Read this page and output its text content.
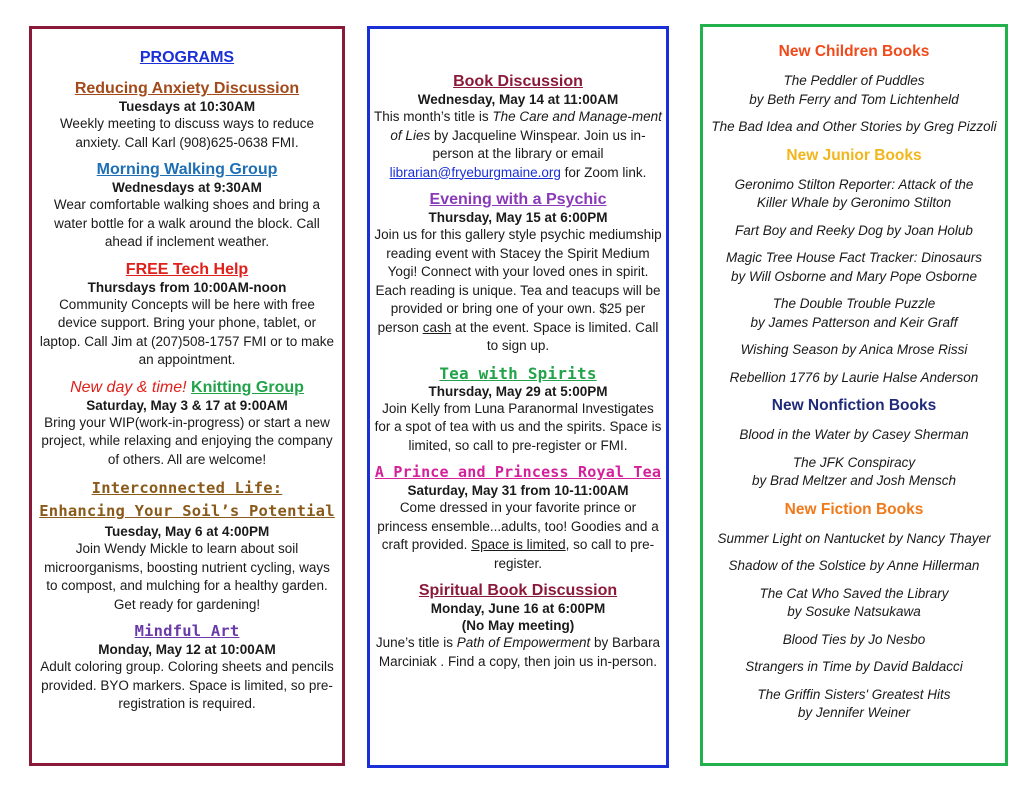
PROGRAMS

Reducing Anxiety Discussion

Tuesdays at 10:30AM

Weekly meeting to discuss ways to reduce anxiety. Call Karl (908)625-0638 FMI.

Morning Walking Group

Wednesdays at 9:30AM

Wear comfortable walking shoes and bring a water bottle for a walk around the block. Call ahead if inclement weather.

FREE Tech Help

Thursdays from 10:00AM-noon

Community Concepts will be here with free device support. Bring your phone, tablet, or laptop. Call Jim at (207)508-1757 FMI or to make an appointment.

New day & time! Knitting Group

Saturday, May 3 & 17 at 9:00AM

Bring your WIP(work-in-progress) or start a new project, while relaxing and enjoying the company of others. All are welcome!

Interconnected Life:

Enhancing Your Soil’s Potential

Tuesday, May 6 at 4:00PM

Join Wendy Mickle to learn about soil microorganisms, boosting nutrient cycling, ways to compost, and mulching for a healthy garden. Get ready for gardening!

Mindful Art

Monday, May 12 at 10:00AM

Adult coloring group. Coloring sheets and pencils provided. BYO markers. Space is limited, so pre-registration is required.

Book Discussion

Wednesday, May 14 at 11:00AM

This month’s title is The Care and Manage-ment of Lies by Jacqueline Winspear. Join us in-person at the library or email librarian@fryeburgmaine.org for Zoom link.

Evening with a Psychic

Thursday, May 15 at 6:00PM

Join us for this gallery style psychic mediumship reading event with Stacey the Spirit Medium Yogi! Connect with your loved ones in spirit. Each reading is unique. Tea and teacups will be provided or bring one of your own. $25 per person cash at the event. Space is limited. Call to sign up.

Tea with Spirits

Thursday, May 29 at 5:00PM

Join Kelly from Luna Paranormal Investigates for a spot of tea with us and the spirits. Space is limited, so call to pre-register or FMI.

A Prince and Princess Royal Tea

Saturday, May 31 from 10-11:00AM

Come dressed in your favorite prince or princess ensemble...adults, too! Goodies and a craft provided. Space is limited, so call to pre-register.

Spiritual Book Discussion

Monday, June 16 at 6:00PM

(No May meeting)

June’s title is Path of Empowerment by Barbara Marciniak . Find a copy, then join us in-person.

New Children Books

The Peddler of Puddles

by Beth Ferry and Tom Lichtenheld

The Bad Idea and Other Stories by Greg Pizzoli

New Junior Books

Geronimo Stilton Reporter: Attack of the

Killer Whale by Geronimo Stilton

Fart Boy and Reeky Dog by Joan Holub

Magic Tree House Fact Tracker: Dinosaurs

by Will Osborne and Mary Pope Osborne

The Double Trouble Puzzle

by James Patterson and Keir Graff

Wishing Season by Anica Mrose Rissi

Rebellion 1776 by Laurie Halse Anderson

New Nonfiction Books

Blood in the Water by Casey Sherman

The JFK Conspiracy

by Brad Meltzer and Josh Mensch

New Fiction Books

Summer Light on Nantucket by Nancy Thayer

Shadow of the Solstice by Anne Hillerman

The Cat Who Saved the Library

by Sosuke Natsukawa

Blood Ties by Jo Nesbo

Strangers in Time by David Baldacci

The Griffin Sisters' Greatest Hits

by Jennifer Weiner
